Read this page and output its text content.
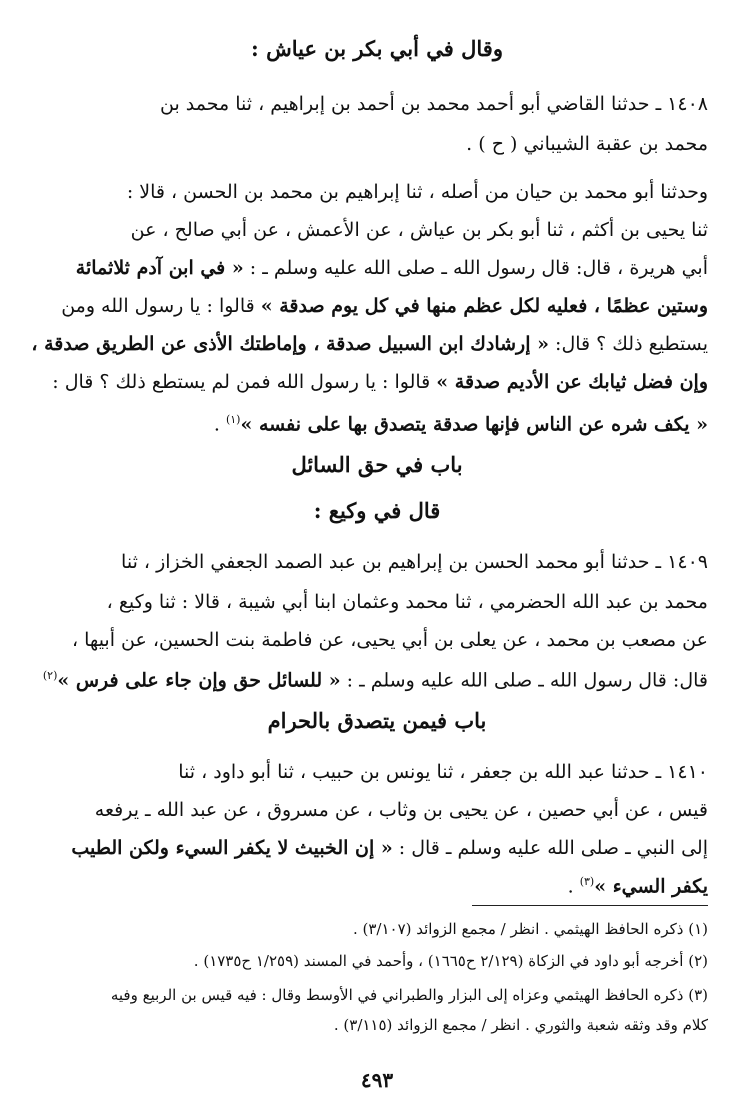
وقال في أبي بكر بن عياش :
١٤٠٨ ـ حدثنا القاضي أبو أحمد محمد بن أحمد بن إبراهيم ، ثنا محمد بن
محمد بن عقبة الشيباني ( ح ) .
وحدثنا أبو محمد بن حيان من أصله ، ثنا إبراهيم بن محمد بن الحسن ، قالا :
ثنا يحيى بن أكثم ، ثنا أبو بكر بن عياش ، عن الأعمش ، عن أبي صالح ، عن
أبي هريرة ، قال: قال رسول الله ـ صلى الله عليه وسلم ـ : « في ابن آدم ثلاثمائة
وستين عظمًا ، فعليه لكل عظم منها في كل يوم صدقة » قالوا : يا رسول الله ومن
يستطيع ذلك ؟ قال: « إرشادك ابن السبيل صدقة ، وإماطتك الأذى عن الطريق صدقة ،
وإن فضل ثيابك عن الأديم صدقة » قالوا : يا رسول الله فمن لم يستطع ذلك ؟ قال :
« يكف شره عن الناس فإنها صدقة يتصدق بها على نفسه »$^{(١)}$ .
باب في حق السائل
قال في وكيع :
١٤٠٩ ـ حدثنا أبو محمد الحسن بن إبراهيم بن عبد الصمد الجعفي الخزاز ، ثنا
محمد بن عبد الله الحضرمي ، ثنا محمد وعثمان ابنا أبي شيبة ، قالا : ثنا وكيع ،
عن مصعب بن محمد ، عن يعلى بن أبي يحيى، عن فاطمة بنت الحسين، عن أبيها ،
قال: قال رسول الله ـ صلى الله عليه وسلم ـ : « للسائل حق وإن جاء على فرس »$^{(٢)}$
باب فيمن يتصدق بالحرام
١٤١٠ ـ حدثنا عبد الله بن جعفر ، ثنا يونس بن حبيب ، ثنا أبو داود ، ثنا
قيس ، عن أبي حصين ، عن يحيى بن وثاب ، عن مسروق ، عن عبد الله ـ يرفعه
إلى النبي ـ صلى الله عليه وسلم ـ قال : « إن الخبيث لا يكفر السيء ولكن الطيب
يكفر السيء »$^{(٣)}$ .
(١) ذكره الحافظ الهيثمي . انظر / مجمع الزوائد (٣/١٠٧) .
(٢) أخرجه أبو داود في الزكاة (٢/١٢٩ ح١٦٦٥) ، وأحمد في المسند (١/٢٥٩ ح١٧٣٥) .
(٣) ذكره الحافظ الهيثمي وعزاه إلى البزار والطبراني في الأوسط وقال : فيه قيس بن الربيع وفيه
كلام وقد وثقه شعبة والثوري . انظر / مجمع الزوائد (٣/١١٥) .
٤٩٣
